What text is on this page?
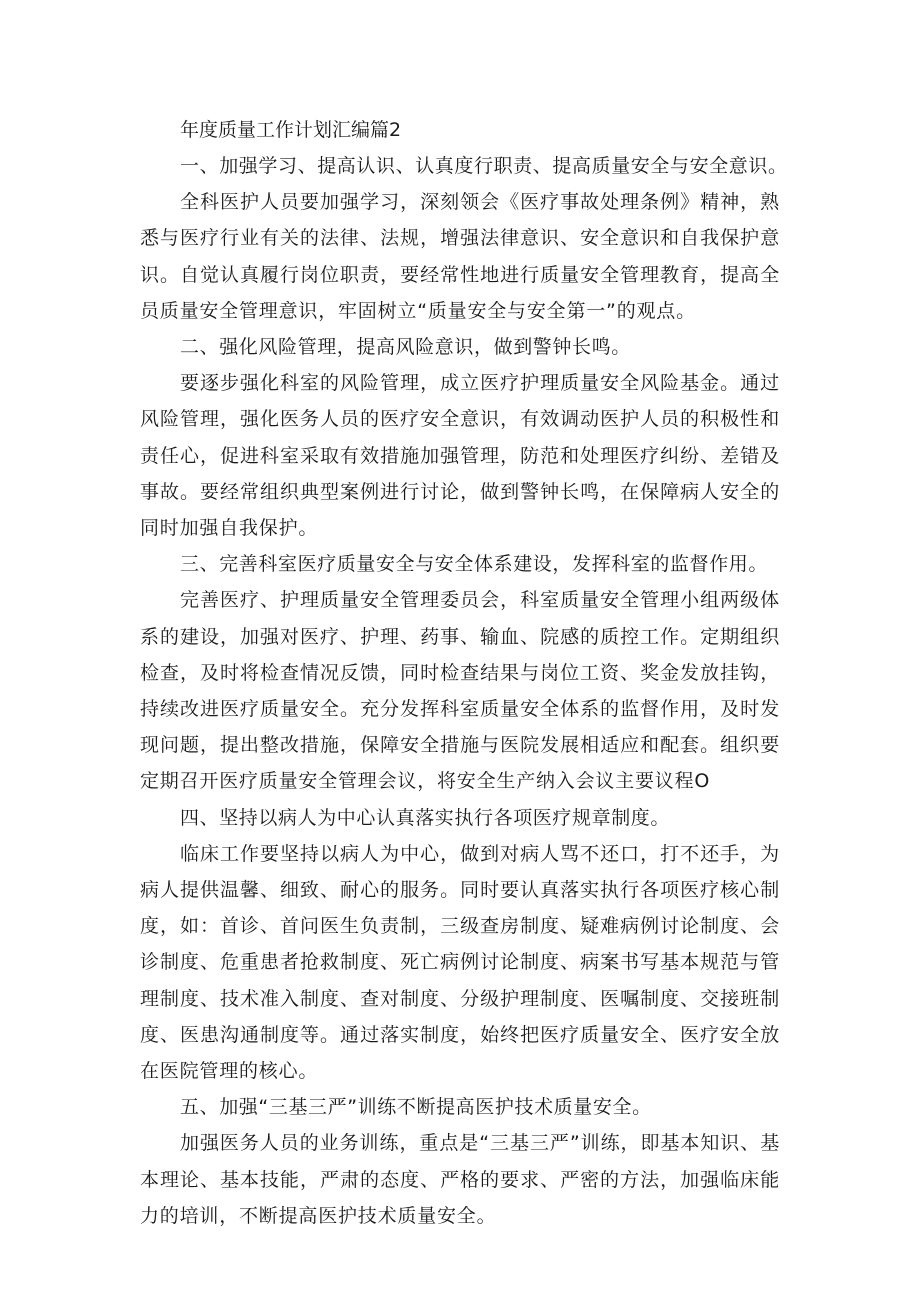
年度质量工作计划汇编篇2

一、加强学习、提高认识、认真度行职责、提高质量安全与安全意识。

全科医护人员要加强学习，深刻领会《医疗事故处理条例》精神，熟悉与医疗行业有关的法律、法规，增强法律意识、安全意识和自我保护意识。自觉认真履行岗位职责，要经常性地进行质量安全管理教育，提高全员质量安全管理意识，牢固树立“质量安全与安全第一”的观点。

二、强化风险管理，提高风险意识，做到警钟长鸣。

要逐步强化科室的风险管理，成立医疗护理质量安全风险基金。通过风险管理，强化医务人员的医疗安全意识，有效调动医护人员的积极性和责任心，促进科室采取有效措施加强管理，防范和处理医疗纠纷、差错及事故。要经常组织典型案例进行讨论，做到警钟长鸣，在保障病人安全的同时加强自我保护。

三、完善科室医疗质量安全与安全体系建设，发挥科室的监督作用。

完善医疗、护理质量安全管理委员会，科室质量安全管理小组两级体系的建设，加强对医疗、护理、药事、输血、院感的质控工作。定期组织检查，及时将检查情况反馈，同时检查结果与岗位工资、奖金发放挂钩，持续改进医疗质量安全。充分发挥科室质量安全体系的监督作用，及时发现问题，提出整改措施，保障安全措施与医院发展相适应和配套。组织要定期召开医疗质量安全管理会议，将安全生产纳入会议主要议程O

四、坚持以病人为中心认真落实执行各项医疗规章制度。

临床工作要坚持以病人为中心，做到对病人骂不还口，打不还手，为病人提供温馨、细致、耐心的服务。同时要认真落实执行各项医疗核心制度，如：首诊、首问医生负责制，三级查房制度、疑难病例讨论制度、会诊制度、危重患者抢救制度、死亡病例讨论制度、病案书写基本规范与管理制度、技术准入制度、查对制度、分级护理制度、医嘱制度、交接班制度、医患沟通制度等。通过落实制度，始终把医疗质量安全、医疗安全放在医院管理的核心。

五、加强“三基三严”训练不断提高医护技术质量安全。

加强医务人员的业务训练，重点是“三基三严”训练，即基本知识、基本理论、基本技能，严肃的态度、严格的要求、严密的方法，加强临床能力的培训，不断提高医护技术质量安全。
